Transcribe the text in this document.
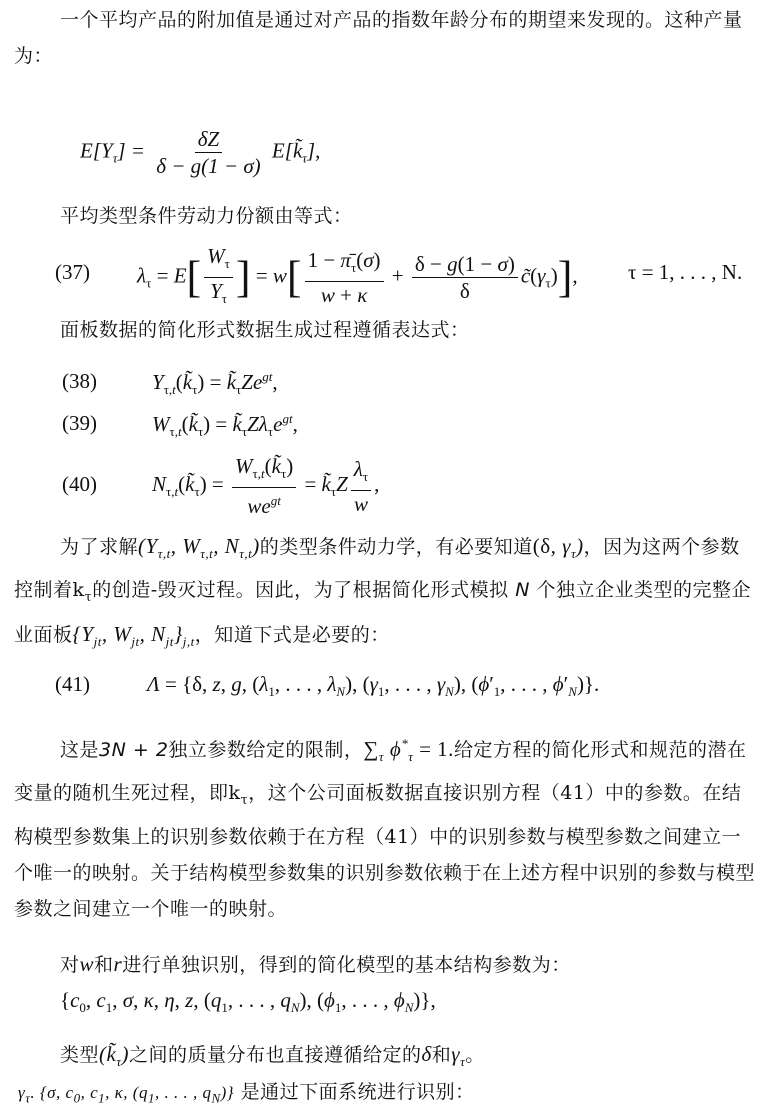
一个平均产品的附加值是通过对产品的指数年龄分布的期望来发现的。这种产量为：
$E[Y_\tau] = \frac{\delta Z}{\delta - g(1 - \sigma)}$ $E[k̃_\tau]$,
平均类型条件劳动力份额由等式：
(37) $\lambda_\tau = E[ \frac{W_\tau}{Y_\tau}$ ] = $w[ \frac{1 - \pī_\tau(\sigma)}{w + \kappa} + \frac{\delta - g(1 - \sigma)}{\delta}$ $c̃(\gamma_\tau)$], τ = 1, . . . , N.
面板数据的简化形式数据生成过程遵循表达式：
(38)	$Y_{\tau,t}(k̃_\tau)$ = $k̃_\tau Ze^{gt}$,
(39)	$W_{\tau,t}(k̃_\tau)$ = $k̃_\tau Z\lambda_\tau e^{gt}$,
(40)	$N_{\tau,t}(k̃_\tau) = \frac{W_{\tau,t}(k̃_\tau)}{we^{gt}}$ = $k̃_\tau Z \frac{\lambda_\tau}{w}$ ,
为了求解($Y_{\tau,t}$, $W_{\tau,t}$, $N_{\tau,t}$)的类型条件动力学，有必要知道(δ, $\gamma_\tau$)，因为这两个参数控制着$k_\tau$的创造-毁灭过程。因此，为了根据简化形式模拟 N 个独立企业类型的完整企业面板{$Y_{jt}$, $W_{jt}$, $N_{jt}\}_{j,t}$，知道下式是必要的：
(41)	Λ = {δ, z, g, ($\lambda_1$, . . . , $\lambda_N$), ($\gamma_1$, . . . , $\gamma_N$), ($\phi'_1$, . . . , $\phi'_N$)}.
这是3N + 2独立参数给定的限制，$\sum_\tau$ $\phi^*_\tau = 1$.给定方程的简化形式和规范的潜在变量的随机生死过程，即$k_\tau$，这个公司面板数据直接识别方程（41）中的参数。在结构模型参数集上的识别参数依赖于在方程（41）中的识别参数与模型参数之间建立一个唯一的映射。关于结构模型参数集的识别参数依赖于在上述方程中识别的参数与模型参数之间建立一个唯一的映射。
对w和r进行单独识别，得到的简化模型的基本结构参数为：
{$c_0$, $c_1$, σ, κ, η, z, ($q_1$, . . . , $q_N$), ($\phi_1$, . . . , $\phi_N$)},
类型$(k̃_\tau)$之间的质量分布也直接遵循给定的δ和$\gamma_\tau$。
$\gamma_\tau$. {σ, $c_0$, $c_1$, κ, ($q_1$, . . . , $q_N$)} 是通过下面系统进行识别：
